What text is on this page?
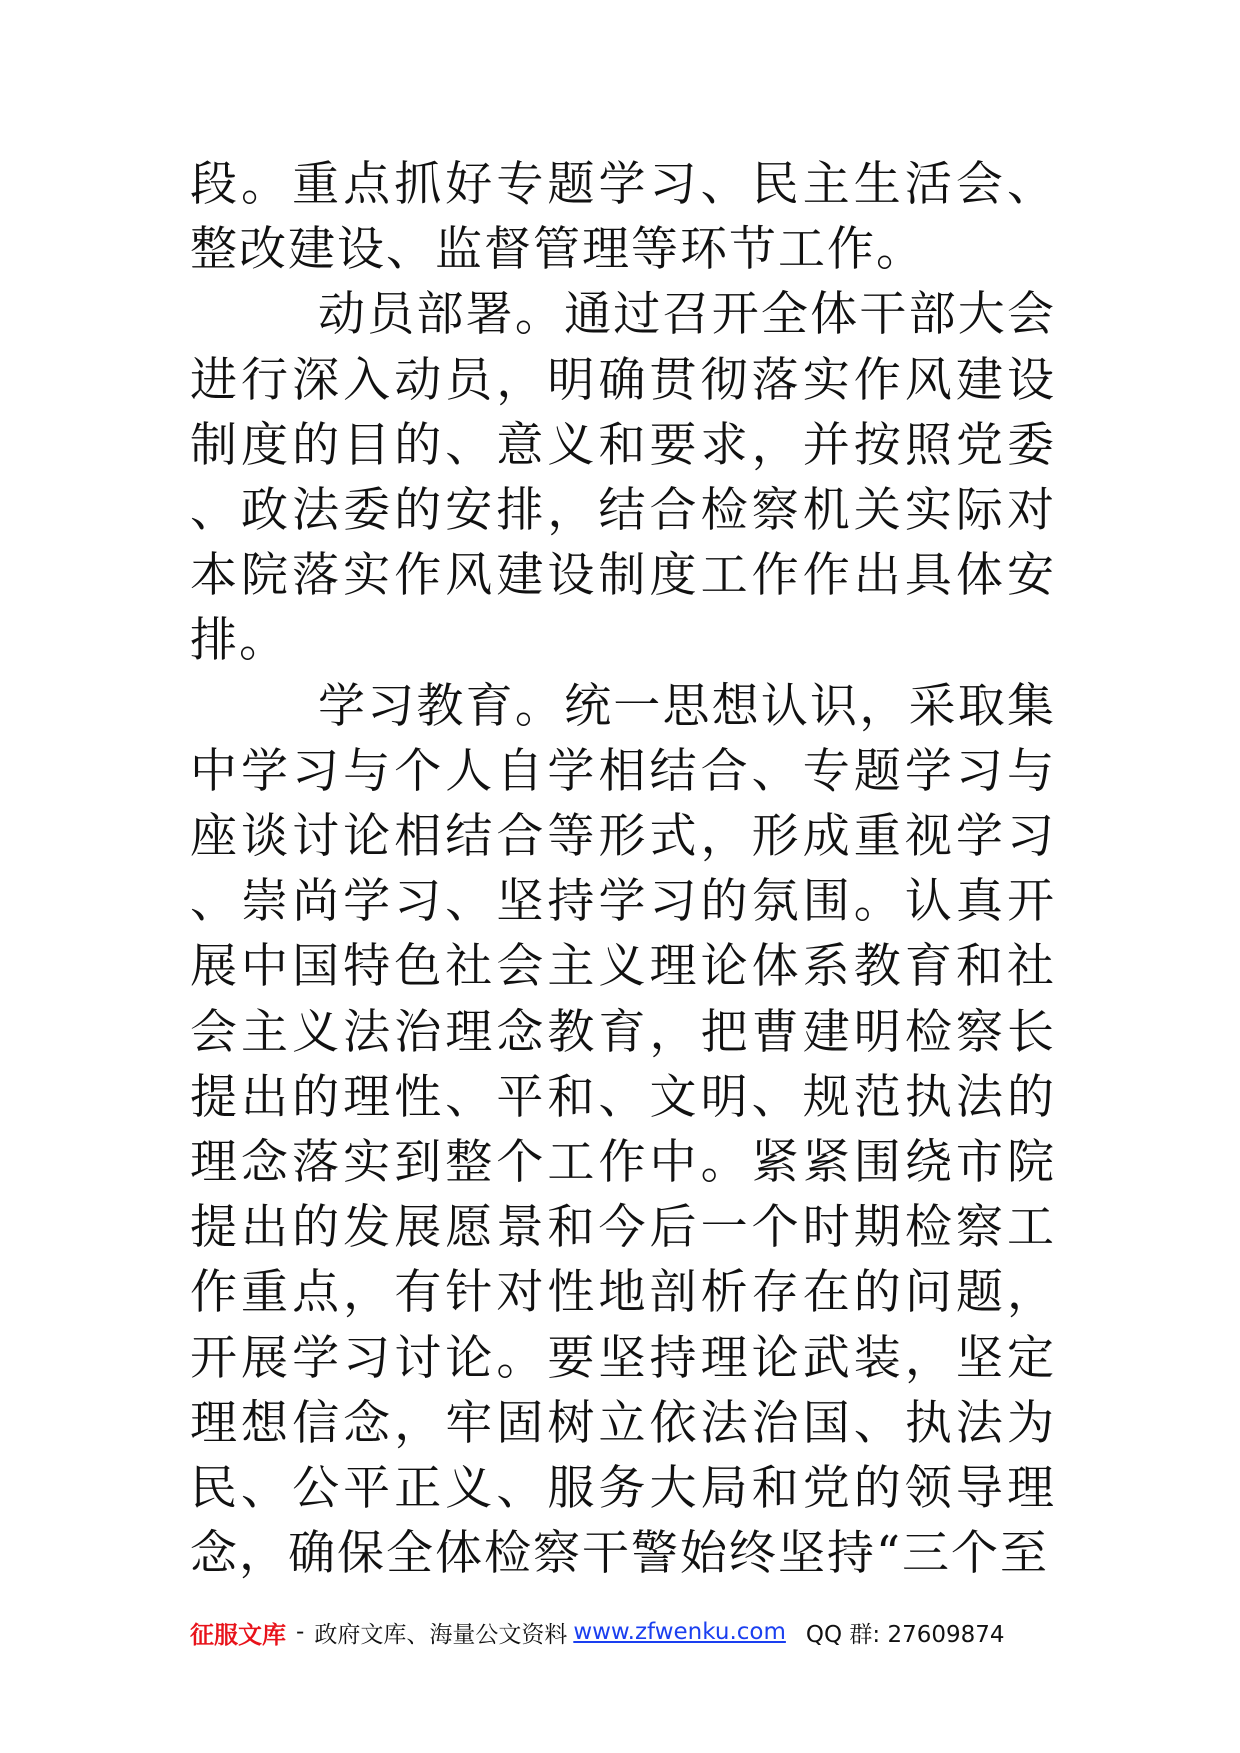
段。重点抓好专题学习、民主生活会、整改建设、监督管理等环节工作。

动员部署。通过召开全体干部大会进行深入动员，明确贯彻落实作风建设制度的目的、意义和要求，并按照党委、政法委的安排，结合检察机关实际对本院落实作风建设制度工作作出具体安排。

学习教育。统一思想认识，采取集中学习与个人自学相结合、专题学习与座谈讨论相结合等形式，形成重视学习、崇尚学习、坚持学习的氛围。认真开展中国特色社会主义理论体系教育和社会主义法治理念教育，把曹建明检察长提出的理性、平和、文明、规范执法的理念落实到整个工作中。紧紧围绕市院提出的发展愿景和今后一个时期检察工作重点，有针对性地剖析存在的问题，开展学习讨论。要坚持理论武装，坚定理想信念，牢固树立依法治国、执法为民、公平正义、服务大局和党的领导理念，确保全体检察干警始终坚持“三个至

征服文库 - 政府文库、海量公文资料 www.zfwenku.com QQ 群: 27609874
